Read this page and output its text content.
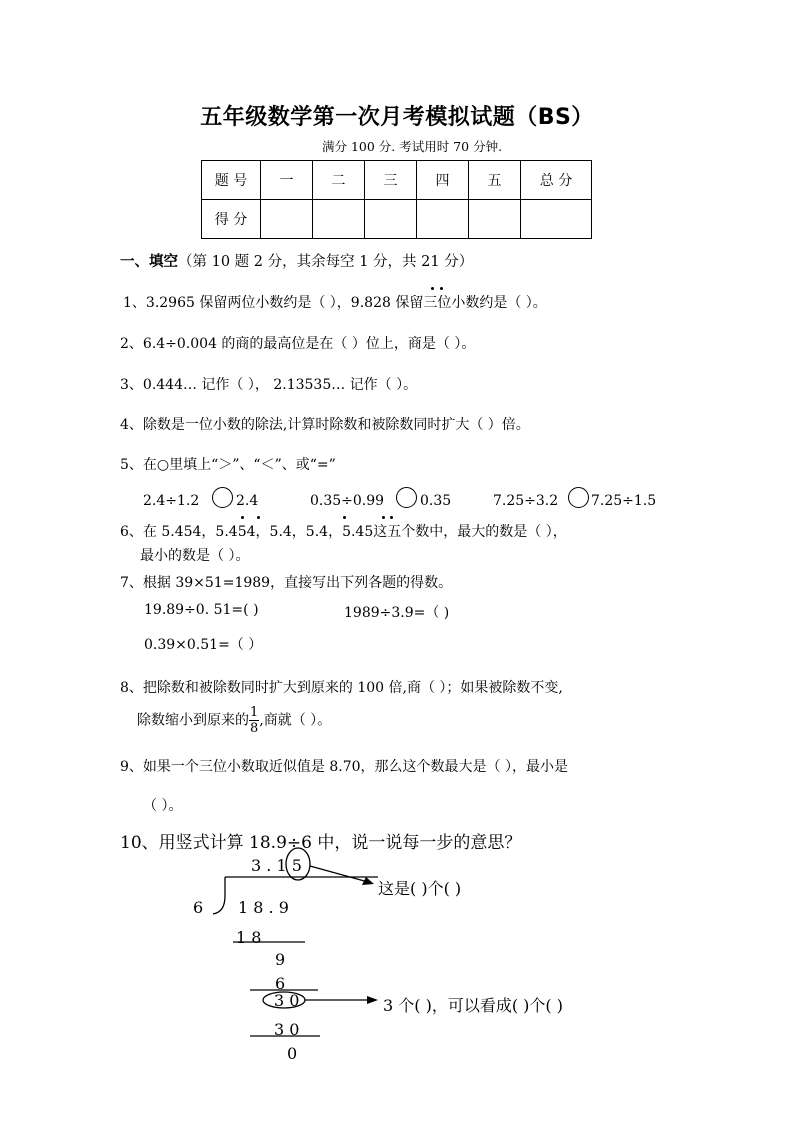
五年级数学第一次月考模拟试题（BS）
满分 100 分. 考试用时 70 分钟.
题 号	一	二	三	四	五	总 分
得 分						
一、填空（第 10 题 2 分，其余每空 1 分，共 21 分）
1、3.2965 保留两位小数约是（ ），9.828 保留三位小数约是（ ）。
2、6.4÷0.004 的商的最高位是在（ ）位上，商是（ ）。
3、0.444… 记作（ ）， 2.13535… 记作（ ）。
4、除数是一位小数的除法,计算时除数和被除数同时扩大（ ）倍。
5、在○里填上“＞”、“＜”、或“=”
2.4÷1.2	2.4	0.35÷0.99	0.35	7.25÷3.2 7.25÷1.5
6、在 5.454，5.454，5.4，5.4，5.45这五个数中，最大的数是（ ），
最小的数是（ ）。
7、根据 39×51=1989，直接写出下列各题的得数。
19.89÷0. 51=( )	1989÷3.9=（ )
0.39×0.51=（ ）
8、把除数和被除数同时扩大到原来的 100 倍,商（ ）；如果被除数不变,
除数缩小到原来的 $\frac{1}{8}$ ,商就（ ）。
9、如果一个三位小数取近似值是 8.70，那么这个数最大是（ ），最小是
（ ）。
10、用竖式计算 18.9÷6 中，说一说每一步的意思？
3 . 1 5
6 1 8 . 9
1 8
9
6
3 0
3 0
0
这是( )个( )
3 个( )，可以看成( )个( )
